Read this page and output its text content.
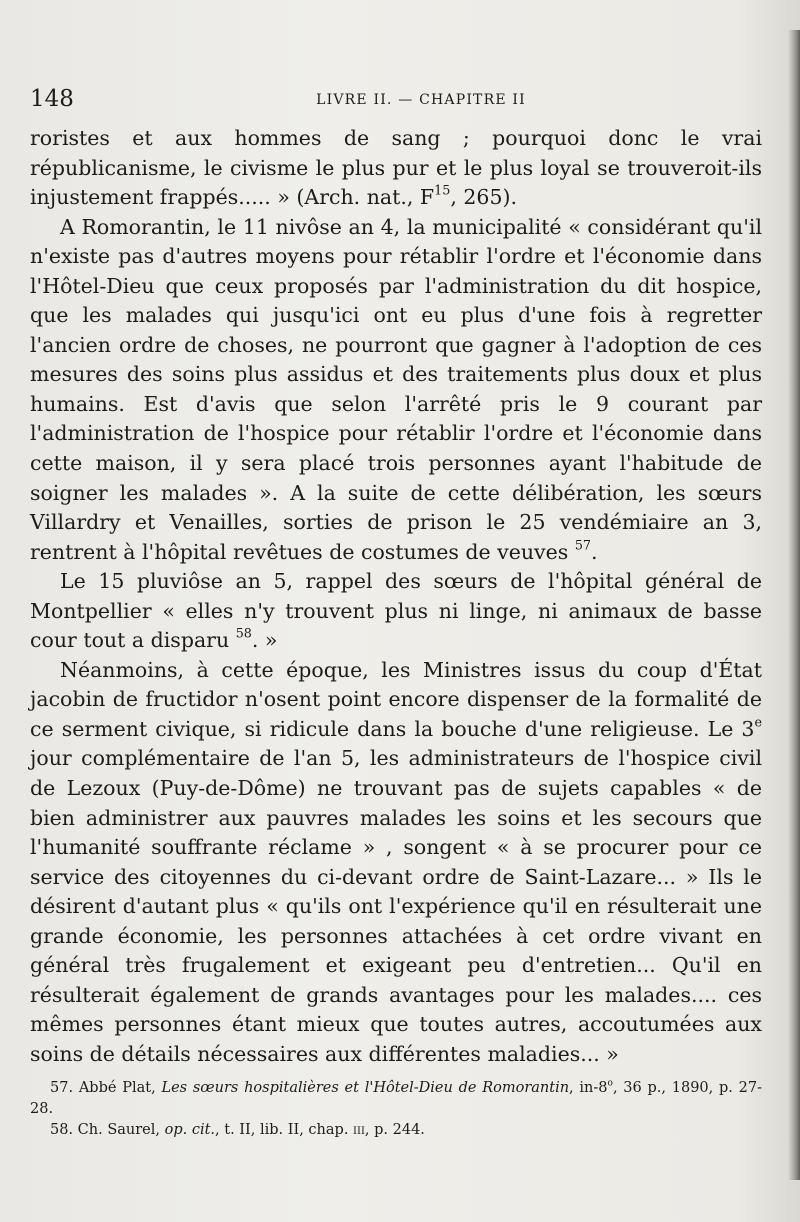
148	LIVRE II. — CHAPITRE II

roristes et aux hommes de sang ; pourquoi donc le vrai républicanisme, le civisme le plus pur et le plus loyal se trouveroit-ils injustement frappés..... » (Arch. nat., $F^{15}$, 265).

A Romorantin, le 11 nivôse an 4, la municipalité « considérant qu'il n'existe pas d'autres moyens pour rétablir l'ordre et l'économie dans l'Hôtel-Dieu que ceux proposés par l'administration du dit hospice, que les malades qui jusqu'ici ont eu plus d'une fois à regretter l'ancien ordre de choses, ne pourront que gagner à l'adoption de ces mesures des soins plus assidus et des traitements plus doux et plus humains. Est d'avis que selon l'arrêté pris le 9 courant par l'administration de l'hospice pour rétablir l'ordre et l'économie dans cette maison, il y sera placé trois personnes ayant l'habitude de soigner les malades ». A la suite de cette délibération, les sœurs Villardry et Venailles, sorties de prison le 25 vendémiaire an 3, rentrent à l'hôpital revêtues de costumes de veuves $^{57}$.

Le 15 pluviôse an 5, rappel des sœurs de l'hôpital général de Montpellier « elles n'y trouvent plus ni linge, ni animaux de basse cour tout a disparu $^{58}$. »

Néanmoins, à cette époque, les Ministres issus du coup d'État jacobin de fructidor n'osent point encore dispenser de la formalité de ce serment civique, si ridicule dans la bouche d'une religieuse. Le 3e jour complémentaire de l'an 5, les administrateurs de l'hospice civil de Lezoux (Puy-de-Dôme) ne trouvant pas de sujets capables « de bien administrer aux pauvres malades les soins et les secours que l'humanité souffrante réclame » , songent « à se procurer pour ce service des citoyennes du ci-devant ordre de Saint-Lazare... » Ils le désirent d'autant plus « qu'ils ont l'expérience qu'il en résulterait une grande économie, les personnes attachées à cet ordre vivant en général très frugalement et exigeant peu d'entretien... Qu'il en résulterait également de grands avantages pour les malades.... ces mêmes personnes étant mieux que toutes autres, accoutumées aux soins de détails nécessaires aux différentes maladies... »

57. Abbé Plat, Les sœurs hospitalières et l'Hôtel-Dieu de Romorantin, in-8$^o$, 36 p., 1890, p. 27-28.

58. Ch. Saurel, op. cit., t. II, lib. II, chap. iii, p. 244.
